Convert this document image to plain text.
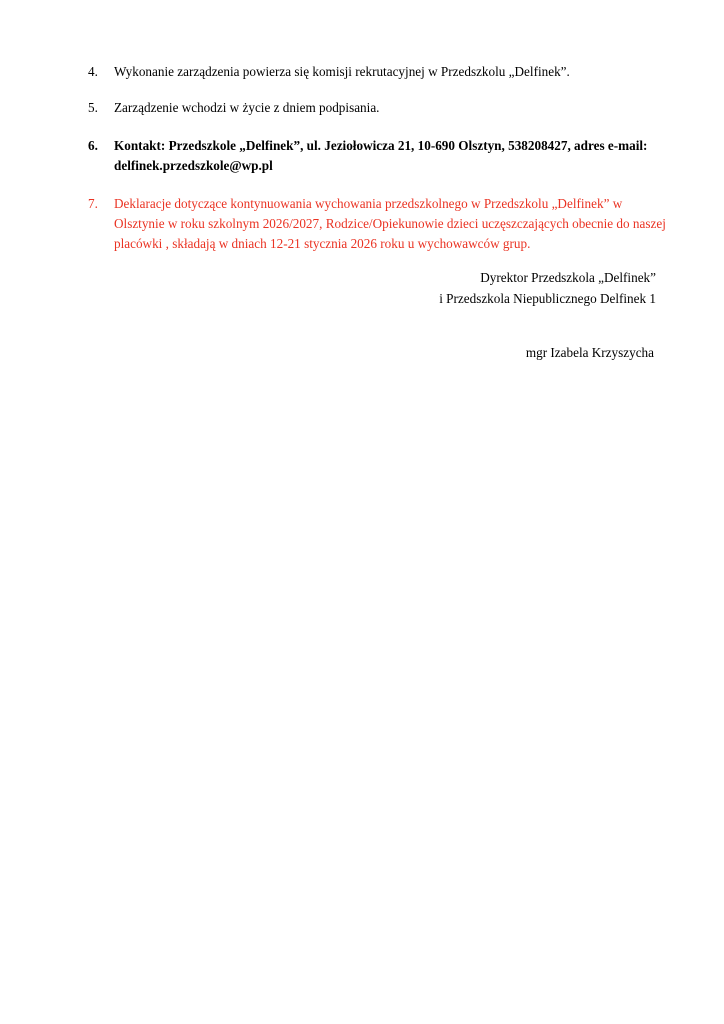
4.	Wykonanie zarządzenia powierza się komisji rekrutacyjnej w Przedszkolu „Delfinek”.
5.	Zarządzenie wchodzi w życie z dniem podpisania.
6.	Kontakt: Przedszkole „Delfinek”, ul. Jeziołowicza 21, 10-690 Olsztyn, 538208427, adres e-mail: delfinek.przedszkole@wp.pl
7.	Deklaracje dotyczące kontynuowania wychowania przedszkolnego w Przedszkolu „Delfinek” w Olsztynie w roku szkolnym 2026/2027, Rodzice/Opiekunowie dzieci uczęszczających obecnie do naszej placówki , składają w dniach 12-21 stycznia 2026 roku u wychowawców grup.
Dyrektor Przedszkola „Delfinek”
i Przedszkola Niepublicznego Delfinek 1
mgr Izabela Krzyszycha
